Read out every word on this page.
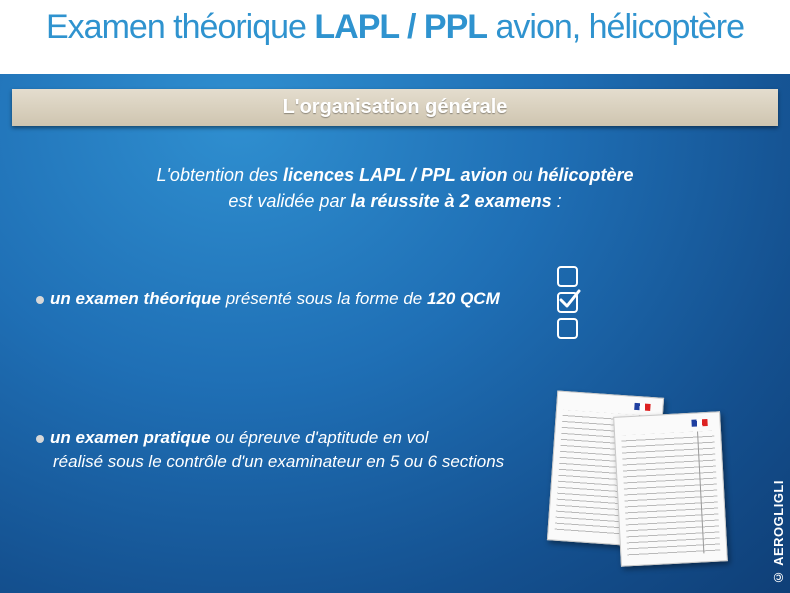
Examen théorique LAPL / PPL avion, hélicoptère
L'organisation générale
L'obtention des licences LAPL / PPL avion ou hélicoptère
est validée par la réussite à 2 examens :
un examen théorique présenté sous la forme de 120 QCM
un examen pratique ou épreuve d'aptitude en vol
réalisé sous le contrôle d'un examinateur en 5 ou 6 sections
© AEROGLIGLI
